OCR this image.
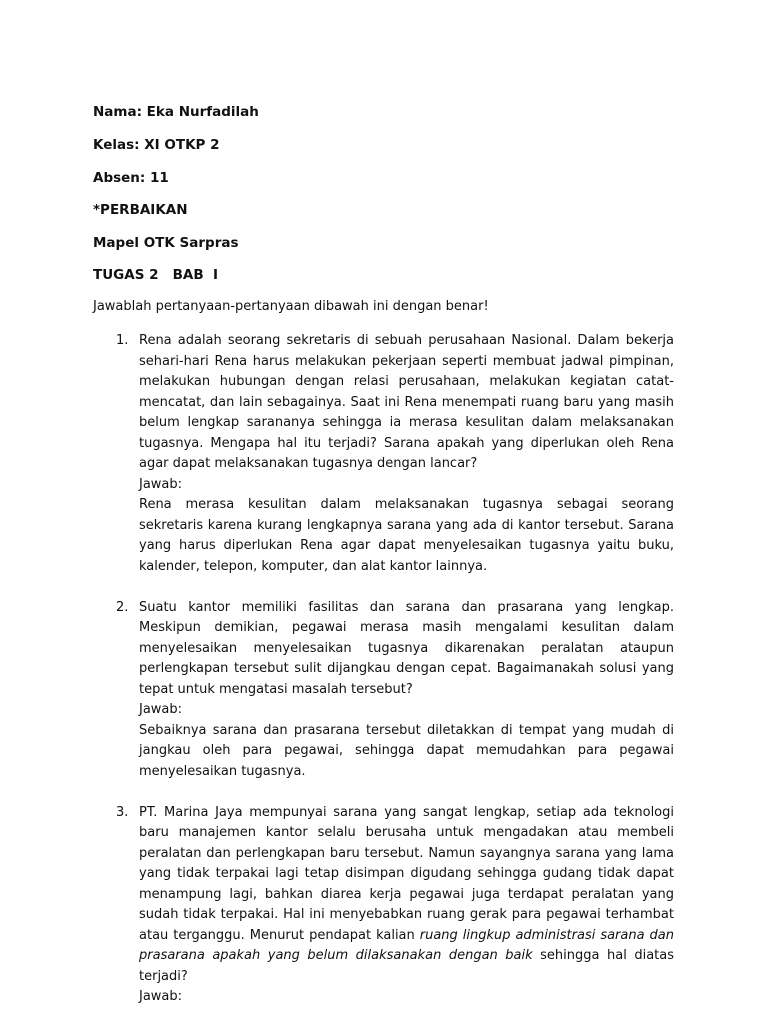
Nama: Eka Nurfadilah
Kelas: XI OTKP 2
Absen: 11
*PERBAIKAN
Mapel OTK Sarpras
TUGAS 2   BAB  I
Jawablah pertanyaan-pertanyaan dibawah ini dengan benar!
1. Rena adalah seorang sekretaris di sebuah perusahaan Nasional. Dalam bekerja sehari-hari Rena harus melakukan pekerjaan seperti membuat jadwal pimpinan, melakukan hubungan dengan relasi perusahaan, melakukan kegiatan catat-mencatat, dan lain sebagainya. Saat ini Rena menempati ruang baru yang masih belum lengkap sarananya sehingga ia merasa kesulitan dalam melaksanakan tugasnya. Mengapa hal itu terjadi? Sarana apakah yang diperlukan oleh Rena agar dapat melaksanakan tugasnya dengan lancar?
Jawab:
Rena merasa kesulitan dalam melaksanakan tugasnya sebagai seorang sekretaris karena kurang lengkapnya sarana yang ada di kantor tersebut. Sarana yang harus diperlukan Rena agar dapat menyelesaikan tugasnya yaitu buku, kalender, telepon, komputer, dan alat kantor lainnya.
2. Suatu kantor memiliki fasilitas dan sarana dan prasarana yang lengkap. Meskipun demikian, pegawai merasa masih mengalami kesulitan dalam menyelesaikan menyelesaikan tugasnya dikarenakan peralatan ataupun perlengkapan tersebut sulit dijangkau dengan cepat. Bagaimanakah solusi yang tepat untuk mengatasi masalah tersebut?
Jawab:
Sebaiknya sarana dan prasarana tersebut diletakkan di tempat yang mudah di jangkau oleh para pegawai, sehingga dapat memudahkan para pegawai menyelesaikan tugasnya.
3. PT. Marina Jaya mempunyai sarana yang sangat lengkap, setiap ada teknologi baru manajemen kantor selalu berusaha untuk mengadakan atau membeli peralatan dan perlengkapan baru tersebut. Namun sayangnya sarana yang lama yang tidak terpakai lagi tetap disimpan digudang sehingga gudang tidak dapat menampung lagi, bahkan diarea kerja pegawai juga terdapat peralatan yang sudah tidak terpakai. Hal ini menyebabkan ruang gerak para pegawai terhambat atau terganggu. Menurut pendapat kalian ruang lingkup administrasi sarana dan prasarana apakah yang belum dilaksanakan dengan baik sehingga hal diatas terjadi?
Jawab:
